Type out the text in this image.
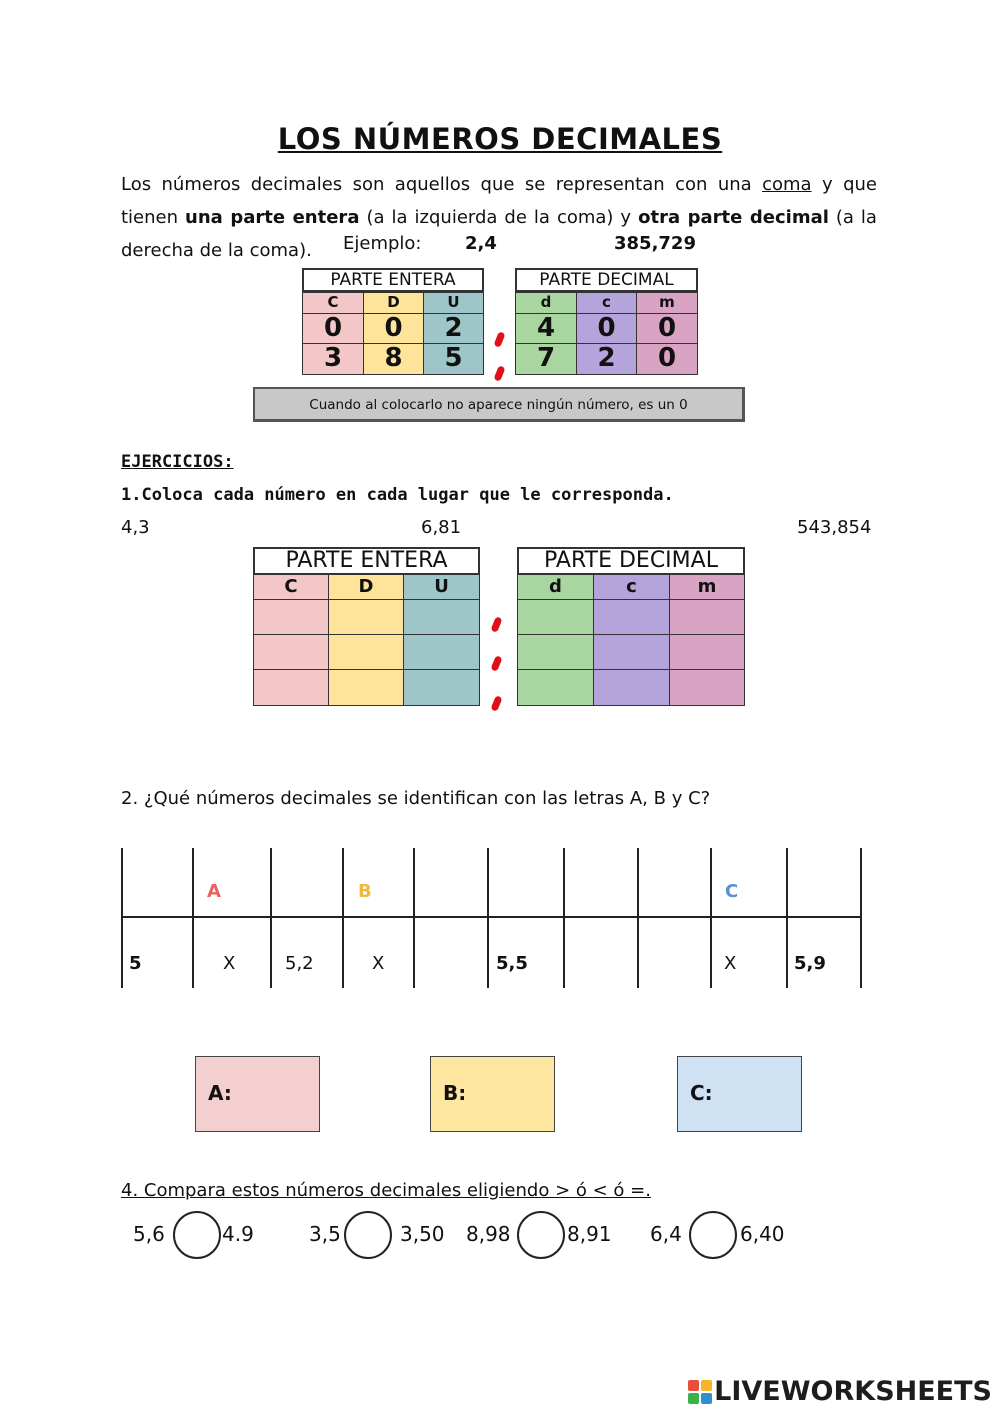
LOS NÚMEROS DECIMALES
Los números decimales son aquellos que se representan con una coma y que tienen una parte entera (a la izquierda de la coma) y otra parte decimal (a la derecha de la coma).	Ejemplo: 2,4	385,729
PARTE ENTERA	PARTE DECIMAL
C	D	U	d	c	m
0	0	2	4	0	0
3	8	5	7	2	0
Cuando al colocarlo no aparece ningún número, es un 0
EJERCICIOS:
1.Coloca cada número en cada lugar que le corresponda.
4,3	6,81	543,854
PARTE ENTERA	PARTE DECIMAL
C	D	U	d	c	m
2. ¿Qué números decimales se identifican con las letras A, B y C?
A	B	C
5	X	5,2	X	5,5	X	5,9
A:	B:	C:
4. Compara estos números decimales eligiendo > ó < ó =.
5,6	4.9	3,5	3,50 8,98	8,91 6,4	6,40
LIVEWORKSHEETS
